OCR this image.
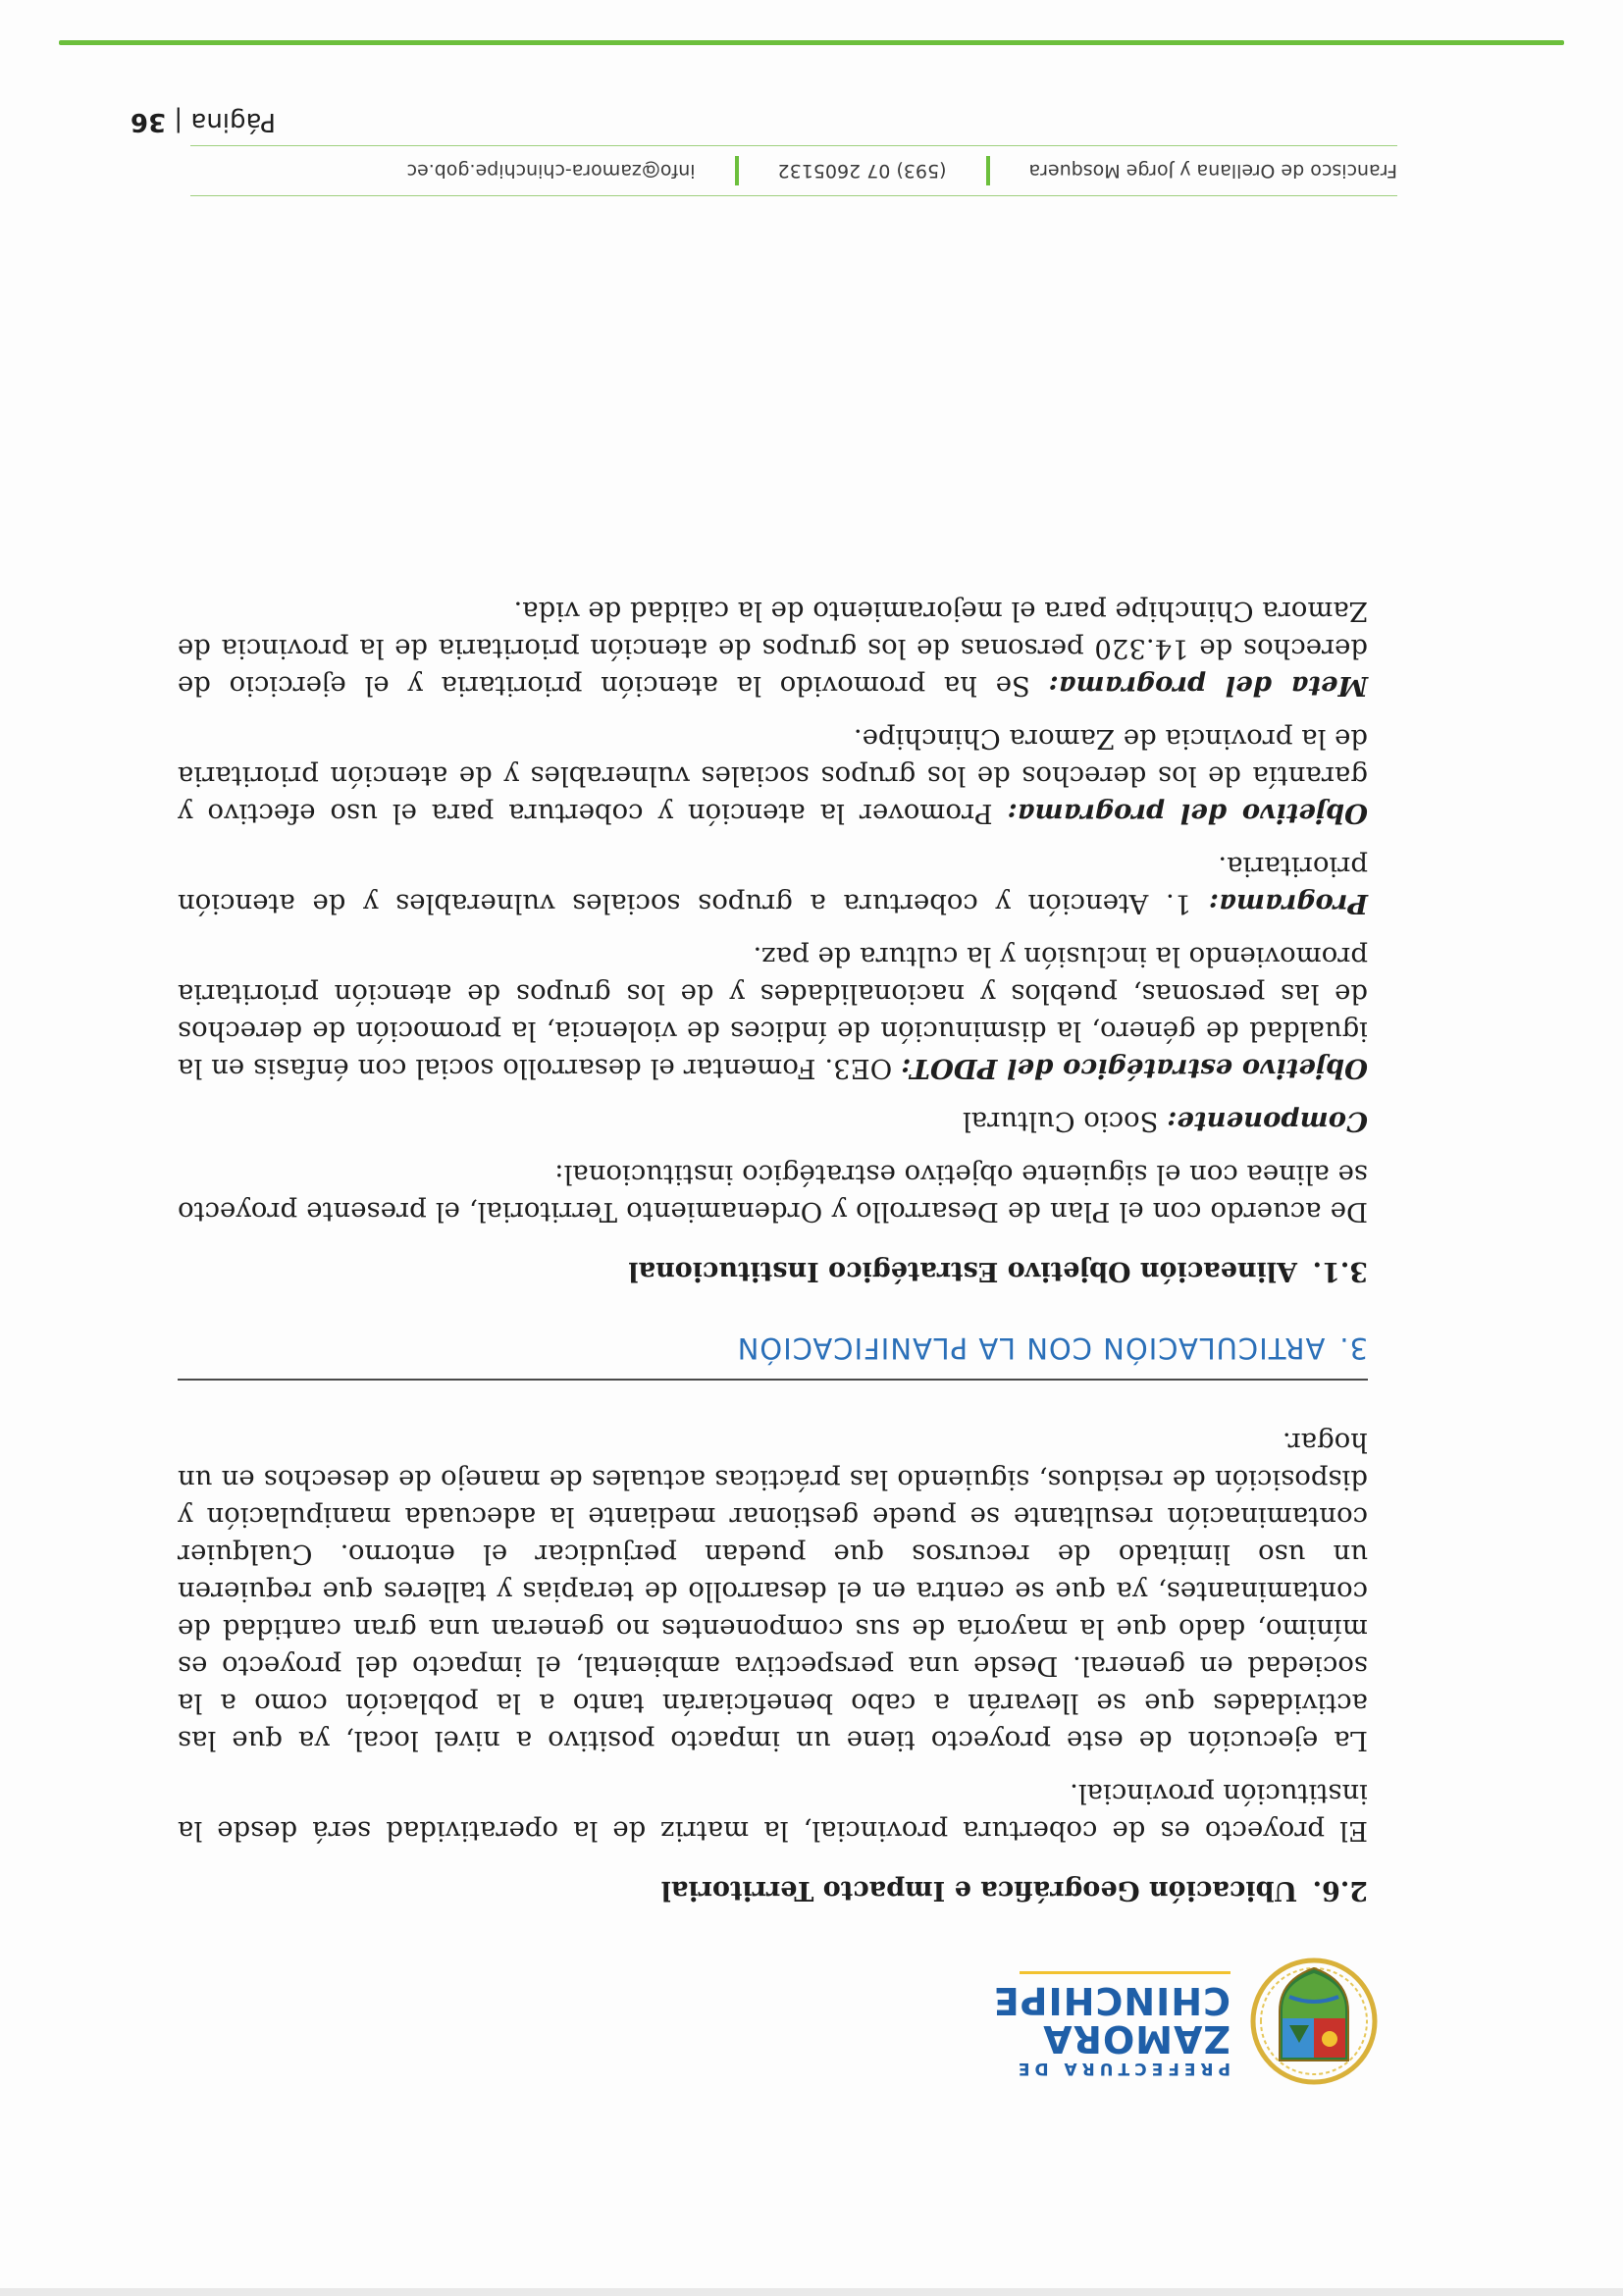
PREFECTURA DE
ZAMORA
CHINCHIPE
2.6.Ubicación Geográfica e Impacto Territorial

El proyecto es de cobertura provincial, la matriz de la operatividad será desde la institución provincial.

La ejecución de este proyecto tiene un impacto positivo a nivel local, ya que las actividades que se llevarán a cabo beneficiarán tanto a la población como a la sociedad en general. Desde una perspectiva ambiental, el impacto del proyecto es mínimo, dado que la mayoría de sus componentes no generan una gran cantidad de contaminantes, ya que se centra en el desarrollo de terapias y talleres que requieren un uso limitado de recursos que puedan perjudicar el entorno. Cualquier contaminación resultante se puede gestionar mediante la adecuada manipulación y disposición de residuos, siguiendo las prácticas actuales de manejo de desechos en un hogar.

3.ARTICULACIÓN CON LA PLANIFICACIÓN
3.1.Alineación Objetivo Estratégico Institucional

De acuerdo con el Plan de Desarrollo y Ordenamiento Territorial, el presente proyecto se alinea con el siguiente objetivo estratégico institucional:

Componente: Socio Cultural

Objetivo estratégico del PDOT: OE3. Fomentar el desarrollo social con énfasis en la igualdad de género, la disminución de índices de violencia, la promoción de derechos de las personas, pueblos y nacionalidades y de los grupos de atención prioritaria promoviendo la inclusión y la cultura de paz.

Programa: 1. Atención y cobertura a grupos sociales vulnerables y de atención prioritaria.

Objetivo del programa: Promover la atención y cobertura para el uso efectivo y garantía de los derechos de los grupos sociales vulnerables y de atención prioritaria de la provincia de Zamora Chinchipe.

Meta del programa: Se ha promovido la atención prioritaria y el ejercicio de derechos de 14.320 personas de los grupos de atención prioritaria de la provincia de Zamora Chinchipe para el mejoramiento de la calidad de vida.

Página | 36
Francisco de Orellana y Jorge Mosquera
(593) 07 2605132
info@zamora-chinchipe.gob.ec
